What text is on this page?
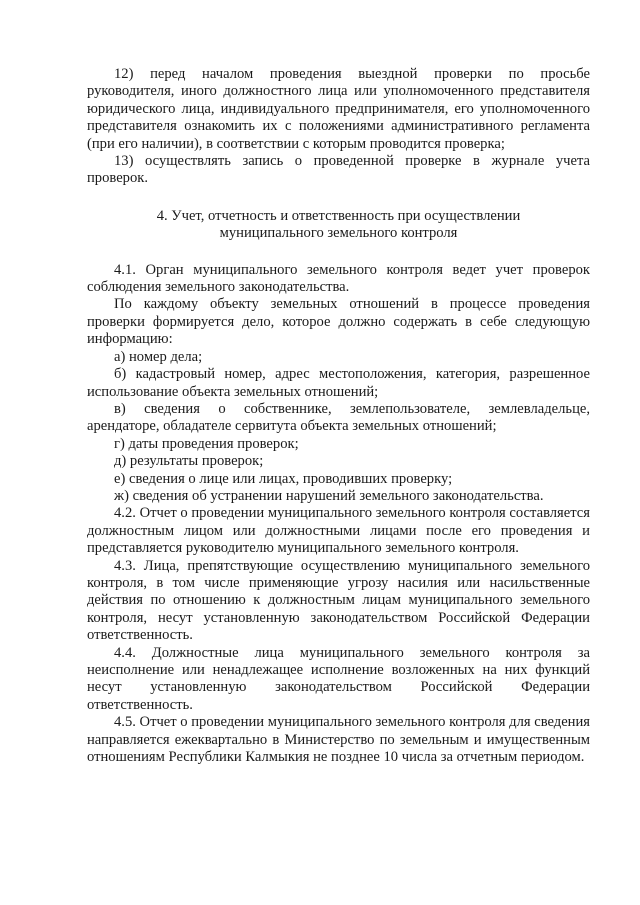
12) перед началом проведения выездной проверки по просьбе руководителя, иного должностного лица или уполномоченного представителя юридического лица, индивидуального предпринимателя, его уполномоченного представителя ознакомить их с положениями административного регламента (при его наличии), в соответствии с которым проводится проверка;

13) осуществлять запись о проведенной проверке в журнале учета проверок.

4. Учет, отчетность и ответственность при осуществлении
муниципального земельного контроля

4.1. Орган муниципального земельного контроля ведет учет проверок соблюдения земельного законодательства.

По каждому объекту земельных отношений в процессе проведения проверки формируется дело, которое должно содержать в себе следующую информацию:

а) номер дела;

б) кадастровый номер, адрес местоположения, категория, разрешенное использование объекта земельных отношений;

в) сведения о собственнике, землепользователе, землевладельце, арендаторе, обладателе сервитута объекта земельных отношений;

г) даты проведения проверок;

д) результаты проверок;

е) сведения о лице или лицах, проводивших проверку;

ж) сведения об устранении нарушений земельного законодательства.

4.2. Отчет о проведении муниципального земельного контроля составляется должностным лицом или должностными лицами после его проведения и представляется руководителю муниципального земельного контроля.

4.3. Лица, препятствующие осуществлению муниципального земельного контроля, в том числе применяющие угрозу насилия или насильственные действия по отношению к должностным лицам муниципального земельного контроля, несут установленную законодательством Российской Федерации ответственность.

4.4. Должностные лица муниципального земельного контроля за неисполнение или ненадлежащее исполнение возложенных на них функций несут установленную законодательством Российской Федерации ответственность.

4.5. Отчет о проведении муниципального земельного контроля для сведения направляется ежеквартально в Министерство по земельным и имущественным отношениям Республики Калмыкия не позднее 10 числа за отчетным периодом.
